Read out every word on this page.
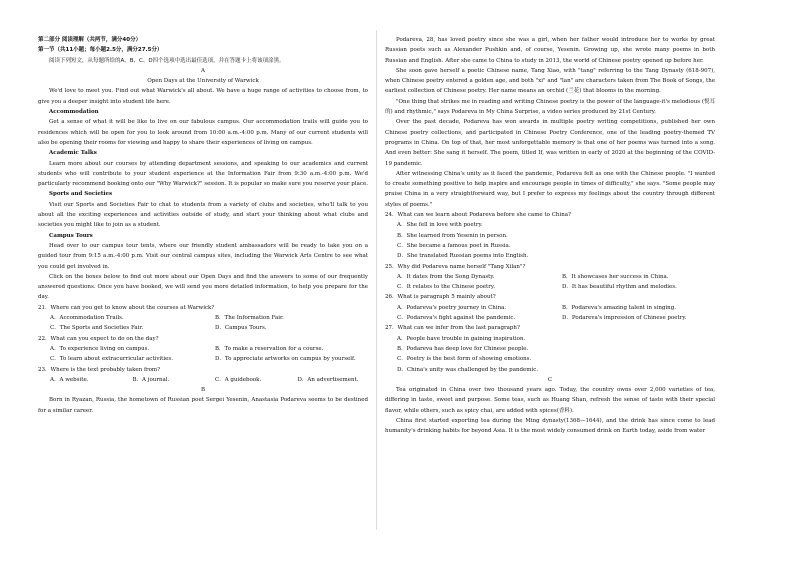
第二部分 阅读理解（共两节，满分40分）

第一节（共11小题；每小题2.5分，满分27.5分）

阅读下列短文，从每题所给的A、B、C、D四个选项中选出最佳选项，并在答题卡上将该项涂黑。

A

Open Days at the University of Warwick

We'd love to meet you. Find out what Warwick's all about. We have a huge range of activities to choose from, to give you a deeper insight into student life here.

Accommodation

Get a sense of what it will be like to live on our fabulous campus. Our accommodation trails will guide you to residences which will be open for you to look around from 10:00 a.m.-4:00 p.m. Many of our current students will also be opening their rooms for viewing and happy to share their experiences of living on campus.

Academic Talks

Learn more about our courses by attending department sessions, and speaking to our academics and current students who will contribute to your student experience at the Information Fair from 9:30 a.m.-4:00 p.m. We'd particularly recommend booking onto our "Why Warwick?" session. It is popular so make sure you reserve your place.

Sports and Societies

Visit our Sports and Societies Fair to chat to students from a variety of clubs and societies, who'll talk to you about all the exciting experiences and activities outside of study, and start your thinking about what clubs and societies you might like to join as a student.

Campus Tours

Head over to our campus tour tents, where our friendly student ambassadors will be ready to take you on a guided tour from 9:15 a.m.-4:00 p.m. Visit our central campus sites, including the Warwick Arts Centre to see what you could get involved in.

Click on the boxes below to find out more about our Open Days and find the answers to some of our frequently answered questions. Once you have booked, we will send you more detailed information, to help you prepare for the day.

21．Where can you get to know about the courses at Warwick?

A．Accommodation Trails.	B．The Information Fair.
C．The Sports and Societies Fair.	D．Campus Tours.

22．What can you expect to do on the day?

A．To experience living on campus.	B．To make a reservation for a course.
C．To learn about extracurricular activities.	D．To appreciate artworks on campus by yourself.

23．Where is the text probably taken from?

A．A website.	B．A journal.	C．A guidebook.	D．An advertisement.

B

Born in Ryazan, Russia, the hometown of Russian poet Sergei Yesenin, Anastasia Podareva seems to be destined for a similar career.

Podareva, 28, has loved poetry since she was a girl, when her father would introduce her to works by great Russian poets such as Alexander Pushkin and, of course, Yesenin. Growing up, she wrote many poems in both Russian and English. After she came to China to study in 2013, the world of Chinese poetry opened up before her.

She soon gave herself a poetic Chinese name, Tang Xiao, with "tang" referring to the Tang Dynasty (618-907), when Chinese poetry entered a golden age, and both "xi" and "lan" are characters taken from The Book of Songs, the earliest collection of Chinese poetry. Her name means an orchid (兰花) that blooms in the morning.

"One thing that strikes me in reading and writing Chinese poetry is the power of the language-it's melodious (悦耳的) and rhythmic," says Podareva in My China Surprise, a video series produced by 21st Century.

Over the past decade, Podareva has won awards in multiple poetry writing competitions, published her own Chinese poetry collections, and participated in Chinese Poetry Conference, one of the leading poetry-themed TV programs in China. On top of that, her most unforgettable memory is that one of her poems was turned into a song. And even better: She sang it herself. The poem, titled If, was written in early of 2020 at the beginning of the COVID-19 pandemic.

After witnessing China's unity as it faced the pandemic, Podareva felt as one with the Chinese people. "I wanted to create something positive to help inspire and encourage people in times of difficulty," she says. "Some people may praise China in a very straightforward way, but I prefer to express my feelings about the country through different styles of poems."

24．What can we learn about Podareva before she came to China?

A．She fell in love with poetry.

B．She learned from Yesenin in person.

C．She became a famous poet in Russia.

D．She translated Russian poems into English.

25．Why did Podareva name herself "Tang Xilan"?

A．It dates from the Song Dynasty.	B．It showcases her success in China.
C．It relates to the Chinese poetry.	D．It has beautiful rhythm and melodies.

26．What is paragraph 5 mainly about?

A．Podareva's poetry journey in China.	B．Podareva's amazing talent in singing.
C．Podareva's fight against the pandemic.	D．Podareva's impression of Chinese poetry.

27．What can we infer from the last paragraph?

A．People have trouble in gaining inspiration.

B．Podareva has deep love for Chinese people.

C．Poetry is the best form of showing emotions.

D．China's unity was challenged by the pandemic.

C

Tea originated in China over two thousand years ago. Today, the country owns over 2,000 varieties of tea, differing in taste, sweet and purpose. Some teas, such as Huang Shan, refresh the sense of taste with their special flavor, while others, such as spicy chai, are added with spices(香料).

China first started exporting tea during the Ming dynasty(1368—1644), and the drink has since come to lead humanity's drinking habits for beyond Asia. It is the most widely consumed drink on Earth today, aside from water
